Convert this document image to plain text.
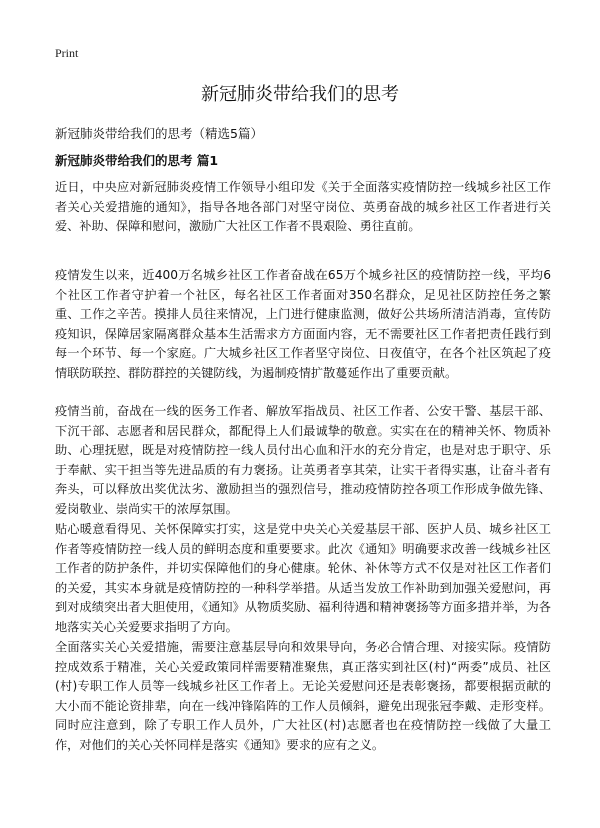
Print
新冠肺炎带给我们的思考

新冠肺炎带给我们的思考（精选5篇）

新冠肺炎带给我们的思考 篇1

近日，中央应对新冠肺炎疫情工作领导小组印发《关于全面落实疫情防控一线城乡社区工作者关心关爱措施的通知》，指导各地各部门对坚守岗位、英勇奋战的城乡社区工作者进行关爱、补助、保障和慰问，激励广大社区工作者不畏艰险、勇往直前。

疫情发生以来，近400万名城乡社区工作者奋战在65万个城乡社区的疫情防控一线，平均6个社区工作者守护着一个社区，每名社区工作者面对350名群众，足见社区防控任务之繁重、工作之辛苦。摸排人员往来情况，上门进行健康监测，做好公共场所清洁消毒，宣传防疫知识，保障居家隔离群众基本生活需求方方面面内容，无不需要社区工作者把责任践行到每一个环节、每一个家庭。广大城乡社区工作者坚守岗位、日夜值守，在各个社区筑起了疫情联防联控、群防群控的关键防线，为遏制疫情扩散蔓延作出了重要贡献。

疫情当前，奋战在一线的医务工作者、解放军指战员、社区工作者、公安干警、基层干部、下沉干部、志愿者和居民群众，都配得上人们最诚挚的敬意。实实在在的精神关怀、物质补助、心理抚慰，既是对疫情防控一线人员付出心血和汗水的充分肯定，也是对忠于职守、乐于奉献、实干担当等先进品质的有力褒扬。让英勇者享其荣，让实干者得实惠，让奋斗者有奔头，可以释放出奖优汰劣、激励担当的强烈信号，推动疫情防控各项工作形成争做先锋、爱岗敬业、崇尚实干的浓厚氛围。

贴心暖意看得见、关怀保障实打实，这是党中央关心关爱基层干部、医护人员、城乡社区工作者等疫情防控一线人员的鲜明态度和重要要求。此次《通知》明确要求改善一线城乡社区工作者的防护条件，并切实保障他们的身心健康。轮休、补休等方式不仅是对社区工作者们的关爱，其实本身就是疫情防控的一种科学举措。从适当发放工作补助到加强关爱慰问，再到对成绩突出者大胆使用，《通知》从物质奖励、福利待遇和精神褒扬等方面多措并举，为各地落实关心关爱要求指明了方向。

全面落实关心关爱措施，需要注意基层导向和效果导向，务必合情合理、对接实际。疫情防控成效系于精准，关心关爱政策同样需要精准聚焦，真正落实到社区(村)“两委”成员、社区(村)专职工作人员等一线城乡社区工作者上。无论关爱慰问还是表彰褒扬，都要根据贡献的大小而不能论资排辈，向在一线冲锋陷阵的工作人员倾斜，避免出现张冠李戴、走形变样。同时应注意到，除了专职工作人员外，广大社区(村)志愿者也在疫情防控一线做了大量工作，对他们的关心关怀同样是落实《通知》要求的应有之义。
